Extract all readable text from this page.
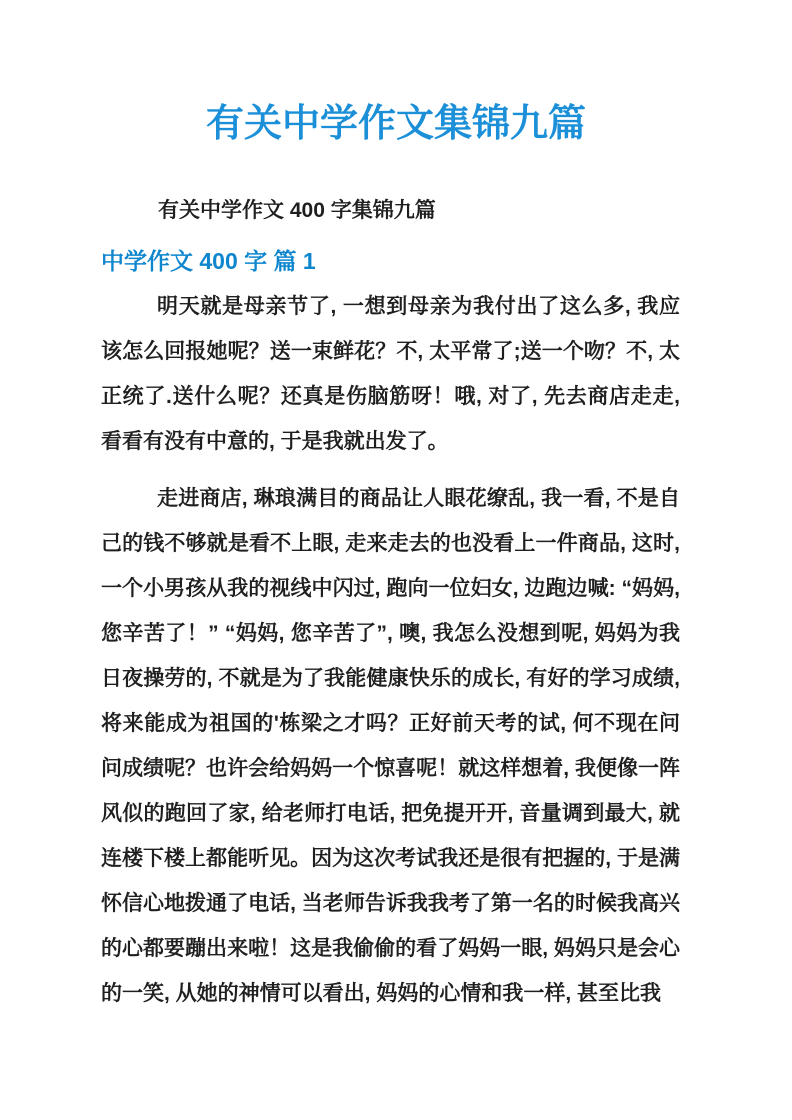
有关中学作文集锦九篇

有关中学作文 400 字集锦九篇

中学作文 400 字 篇 1

明天就是母亲节了, 一想到母亲为我付出了这么多, 我应该怎么回报她呢？送一束鲜花？不, 太平常了;送一个吻？不, 太正统了.送什么呢？还真是伤脑筋呀！哦, 对了, 先去商店走走, 看看有没有中意的, 于是我就出发了。

走进商店, 琳琅满目的商品让人眼花缭乱, 我一看, 不是自己的钱不够就是看不上眼, 走来走去的也没看上一件商品, 这时, 一个小男孩从我的视线中闪过, 跑向一位妇女, 边跑边喊: “妈妈, 您辛苦了！” “妈妈, 您辛苦了”, 噢, 我怎么没想到呢, 妈妈为我日夜操劳的, 不就是为了我能健康快乐的成长, 有好的学习成绩, 将来能成为祖国的'栋梁之才吗？正好前天考的试, 何不现在问问成绩呢？也许会给妈妈一个惊喜呢！就这样想着, 我便像一阵风似的跑回了家, 给老师打电话, 把免提开开, 音量调到最大, 就连楼下楼上都能听见。因为这次考试我还是很有把握的, 于是满怀信心地拨通了电话, 当老师告诉我我考了第一名的时候我高兴的心都要蹦出来啦！这是我偷偷的看了妈妈一眼, 妈妈只是会心的一笑, 从她的神情可以看出, 妈妈的心情和我一样, 甚至比我
